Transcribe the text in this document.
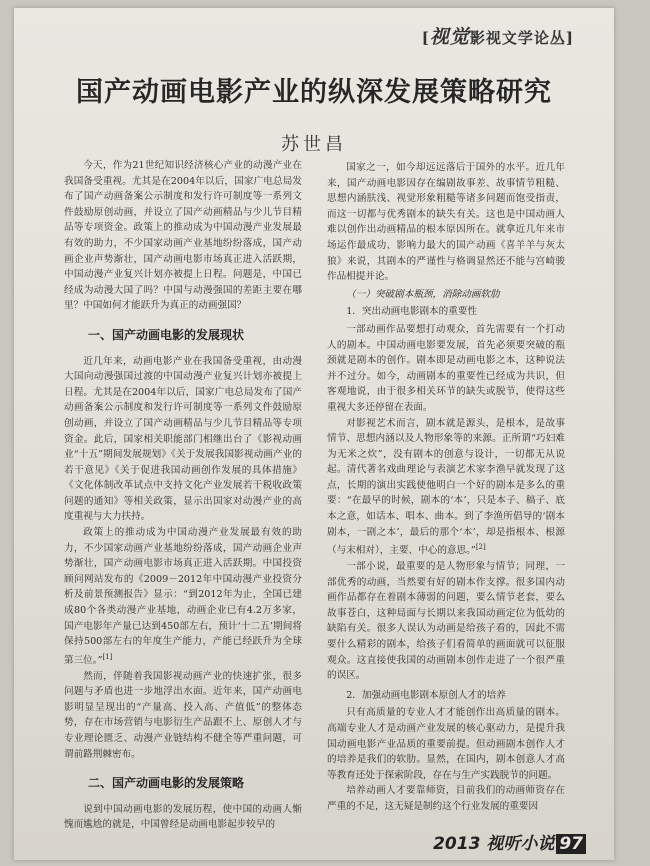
[视觉影视文学论丛]
国产动画电影产业的纵深发展策略研究
苏世昌

今天，作为21世纪知识经济核心产业的动漫产业在我国备受重视。尤其是在2004年以后，国家广电总局发布了国产动画备案公示制度和发行许可制度等一系列文件鼓励原创动画，并设立了国产动画精品与少儿节目精品等专项资金。政策上的推动成为中国动漫产业发展最有效的助力，不少国家动画产业基地纷纷落成，国产动画企业声势渐壮，国产动画电影市场真正进入活跃期，中国动漫产业复兴计划亦被提上日程。问题是，中国已经成为动漫大国了吗？中国与动漫强国的差距主要在哪里？中国如何才能跃升为真正的动画强国？

一、国产动画电影的发展现状

近几年来，动画电影产业在我国备受重视，由动漫大国向动漫强国过渡的中国动漫产业复兴计划亦被提上日程。尤其是在2004年以后，国家广电总局发布了国产动画备案公示制度和发行许可制度等一系列文件鼓励原创动画，并设立了国产动画精品与少儿节目精品等专项资金。此后，国家相关职能部门相继出台了《影视动画业“十五”期间发展规划》《关于发展我国影视动画产业的若干意见》《关于促进我国动画创作发展的具体措施》《文化体制改革试点中支持文化产业发展若干税收政策问题的通知》等相关政策，显示出国家对动漫产业的高度重视与大力扶持。

政策上的推动成为中国动漫产业发展最有效的助力，不少国家动画产业基地纷纷落成，国产动画企业声势渐壮，国产动画电影市场真正进入活跃期。中国投资顾问网站发布的《2009－2012年中国动漫产业投资分析及前景预测报告》显示：“到2012年为止，全国已建成80个各类动漫产业基地，动画企业已有4.2万多家，国产电影年产量已达到450部左右，预计‘十二五’期间将保持500部左右的年度生产能力，产能已经跃升为全球第三位。”[1]

然而，伴随着我国影视动画产业的快速扩张，很多问题与矛盾也进一步地浮出水面。近年来，国产动画电影明显呈现出的“产量高、投入高、产值低”的整体态势，存在市场营销与电影衍生产品跟不上、原创人才与专业理论匮乏、动漫产业链结构不健全等严重问题，可谓前路荆棘密布。

二、国产动画电影的发展策略

说到中国动画电影的发展历程，使中国的动画人惭愧而尴尬的就是，中国曾经是动画电影起步较早的

国家之一，如今却远远落后于国外的水平。近几年来，国产动画电影因存在编剧故事差、故事情节粗糙、思想内涵肤浅、视觉形象粗糙等诸多问题而饱受指责，而这一切都与优秀剧本的缺失有关。这也是中国动画人难以创作出动画精品的根本原因所在。就拿近几年来市场运作最成功、影响力最大的国产动画《喜羊羊与灰太狼》来说，其剧本的严谨性与格调显然还不能与宫崎骏作品相提并论。

（一）突破剧本瓶颈，消除动画软肋
1．突出动画电影剧本的重要性

一部动画作品要想打动观众，首先需要有一个打动人的剧本。中国动画电影要发展，首先必须要突破的瓶颈就是剧本的创作。剧本即是动画电影之本，这种说法并不过分。如今，动画剧本的重要性已经成为共识，但客观地说，由于很多相关环节的缺失或脱节，使得这些重视大多还停留在表面。

对影视艺术而言，剧本就是源头，是根本，是故事情节、思想内涵以及人物形象等的来源。正所谓“巧妇难为无米之炊”，没有剧本的创意与设计，一切都无从说起。清代著名戏曲理论与表演艺术家李渔早就发现了这点，长期的演出实践使他明白一个好的剧本是多么的重要：“在最早的时候，剧本的‘本’，只是本子、稿子、底本之意，如话本、唱本、曲本。到了李渔所倡导的‘剧本剧本，一剧之本’，最后的那个‘本’，却是指根本、根源（与末相对），主要、中心的意思。”[2]

一部小说，最重要的是人物形象与情节；同理，一部优秀的动画，当然要有好的剧本作支撑。很多国内动画作品都存在着剧本薄弱的问题，要么情节老套，要么故事苍白，这种局面与长期以来我国动画定位为低幼的缺陷有关。很多人误认为动画是给孩子看的，因此不需要什么精彩的剧本，给孩子们看简单的画面就可以征服观众。这直接使我国的动画剧本创作走进了一个很严重的误区。

2．加强动画电影剧本原创人才的培养

只有高质量的专业人才才能创作出高质量的剧本。高端专业人才是动画产业发展的核心驱动力，是提升我国动画电影产业品质的重要前提。但动画剧本创作人才的培养是我们的软肋。显然，在国内，剧本创意人才高等教育还处于探索阶段，存在与生产实践脱节的问题。

培养动画人才要靠师资，目前我们的动画师资存在严重的不足，这无疑是制约这个行业发展的重要因

2013 视听小说 97
